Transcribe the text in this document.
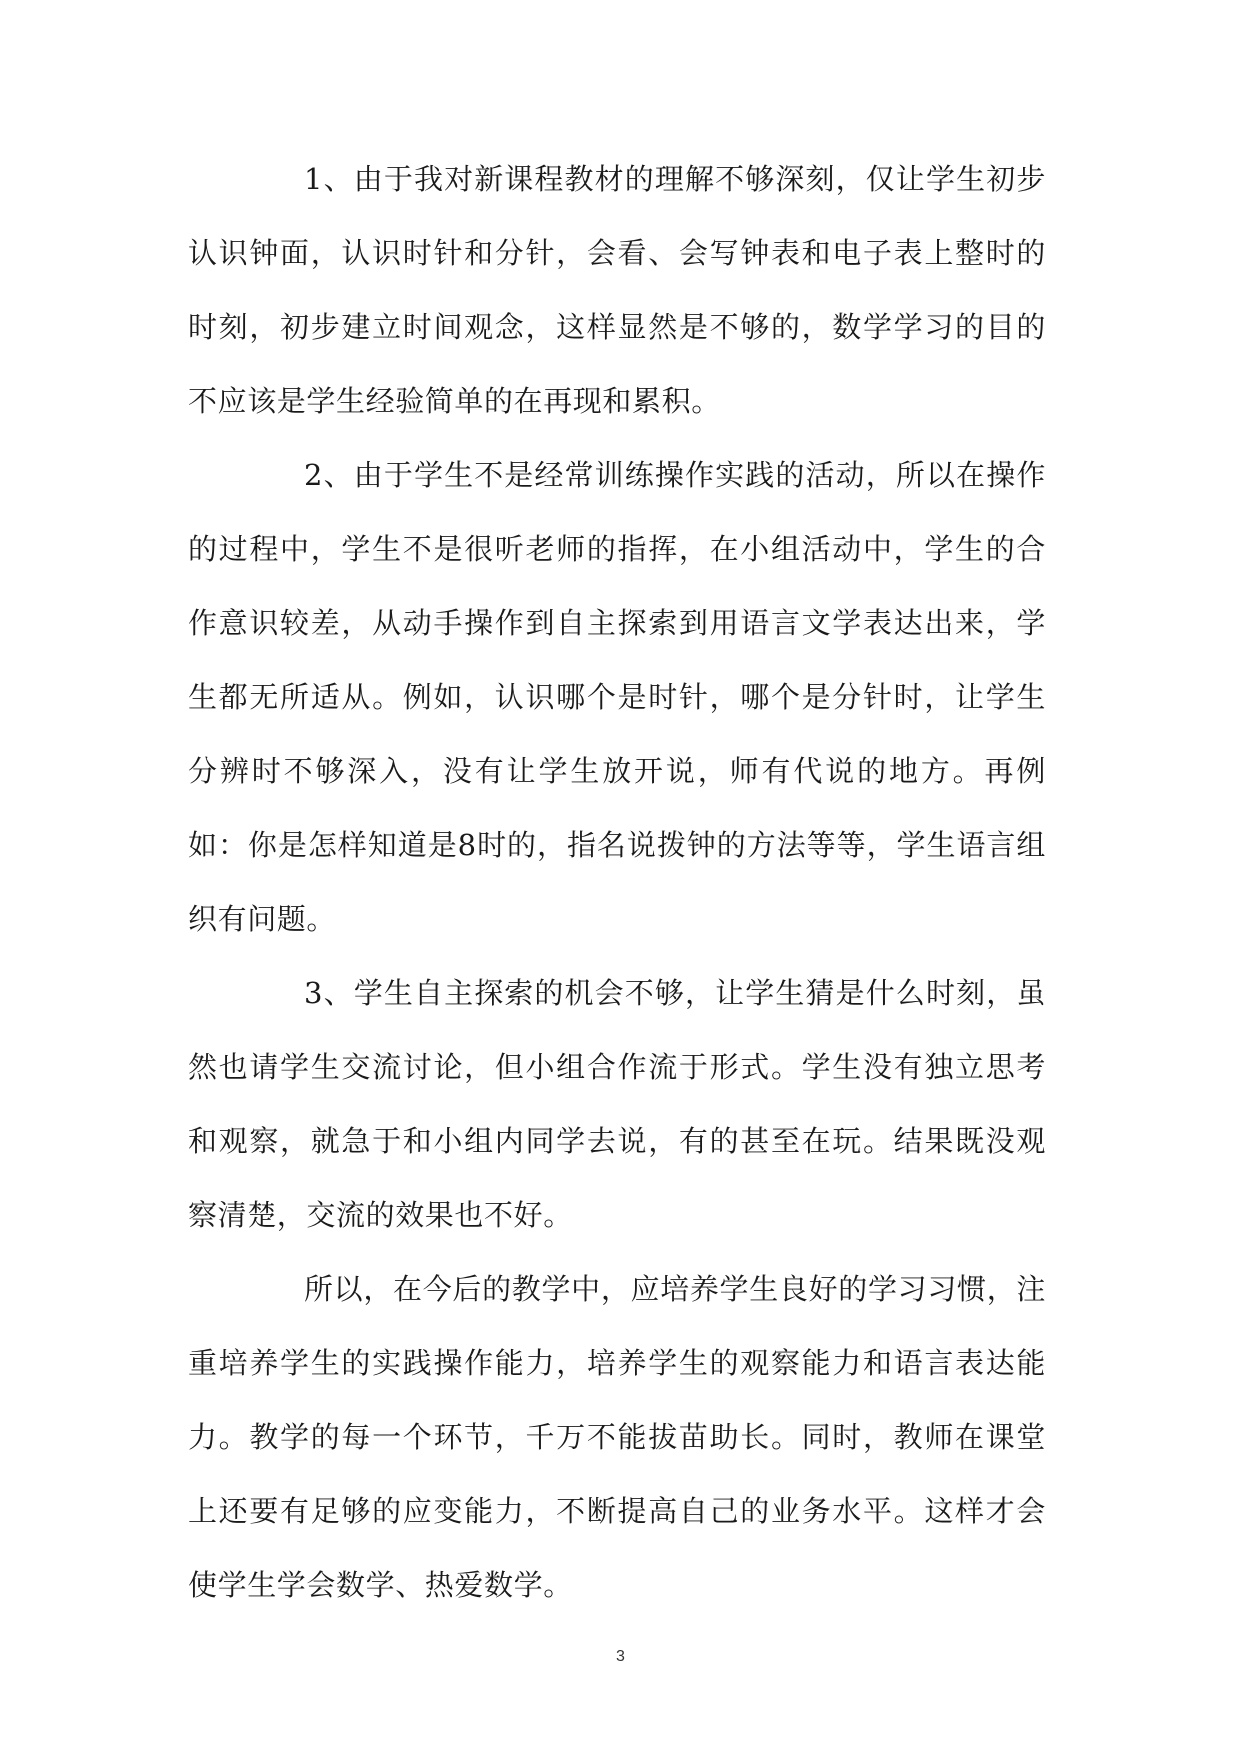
1、由于我对新课程教材的理解不够深刻，仅让学生初步认识钟面，认识时针和分针，会看、会写钟表和电子表上整时的时刻，初步建立时间观念，这样显然是不够的，数学学习的目的不应该是学生经验简单的在再现和累积。

2、由于学生不是经常训练操作实践的活动，所以在操作的过程中，学生不是很听老师的指挥，在小组活动中，学生的合作意识较差，从动手操作到自主探索到用语言文学表达出来，学生都无所适从。例如，认识哪个是时针，哪个是分针时，让学生分辨时不够深入，没有让学生放开说，师有代说的地方。再例如：你是怎样知道是8时的，指名说拨钟的方法等等，学生语言组织有问题。

3、学生自主探索的机会不够，让学生猜是什么时刻，虽然也请学生交流讨论，但小组合作流于形式。学生没有独立思考和观察，就急于和小组内同学去说，有的甚至在玩。结果既没观察清楚，交流的效果也不好。

所以，在今后的教学中，应培养学生良好的学习习惯，注重培养学生的实践操作能力，培养学生的观察能力和语言表达能力。教学的每一个环节，千万不能拔苗助长。同时，教师在课堂上还要有足够的应变能力，不断提高自己的业务水平。这样才会使学生学会数学、热爱数学。

3
